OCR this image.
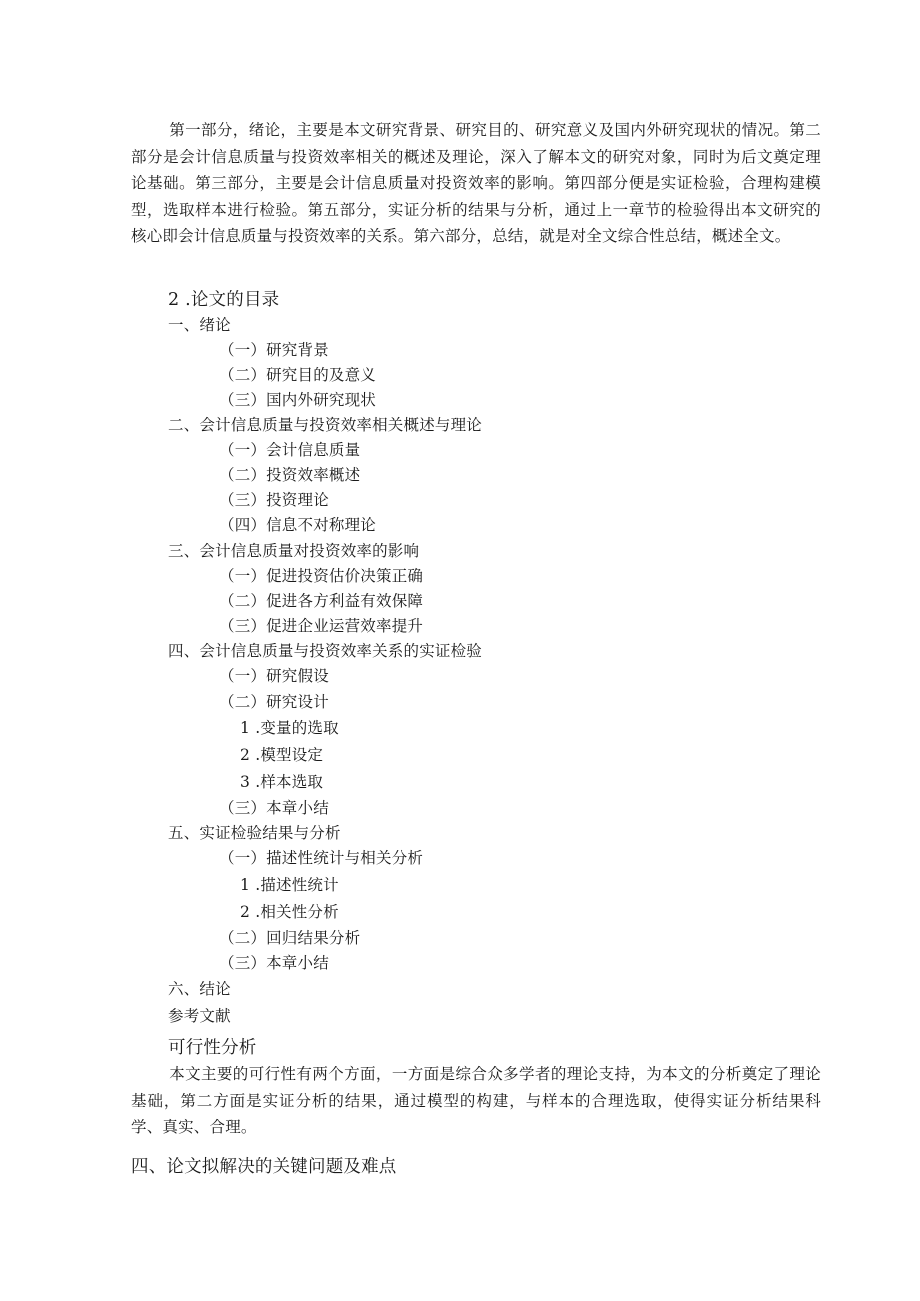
第一部分，绪论，主要是本文研究背景、研究目的、研究意义及国内外研究现状的情况。第二部分是会计信息质量与投资效率相关的概述及理论，深入了解本文的研究对象，同时为后文奠定理论基础。第三部分，主要是会计信息质量对投资效率的影响。第四部分便是实证检验，合理构建模型，选取样本进行检验。第五部分，实证分析的结果与分析，通过上一章节的检验得出本文研究的核心即会计信息质量与投资效率的关系。第六部分，总结，就是对全文综合性总结，概述全文。

2 .论文的目录

一、绪论

（一）研究背景

（二）研究目的及意义

（三）国内外研究现状

二、会计信息质量与投资效率相关概述与理论

（一）会计信息质量

（二）投资效率概述

（三）投资理论

（四）信息不对称理论

三、会计信息质量对投资效率的影响

（一）促进投资估价决策正确

（二）促进各方利益有效保障

（三）促进企业运营效率提升

四、会计信息质量与投资效率关系的实证检验

（一）研究假设

（二）研究设计

1 .变量的选取

2 .模型设定

3 .样本选取

（三）本章小结

五、实证检验结果与分析

（一）描述性统计与相关分析

1 .描述性统计

2 .相关性分析

（二）回归结果分析

（三）本章小结

六、结论

参考文献

可行性分析

本文主要的可行性有两个方面，一方面是综合众多学者的理论支持，为本文的分析奠定了理论基础，第二方面是实证分析的结果，通过模型的构建，与样本的合理选取，使得实证分析结果科学、真实、合理。

四、论文拟解决的关键问题及难点
